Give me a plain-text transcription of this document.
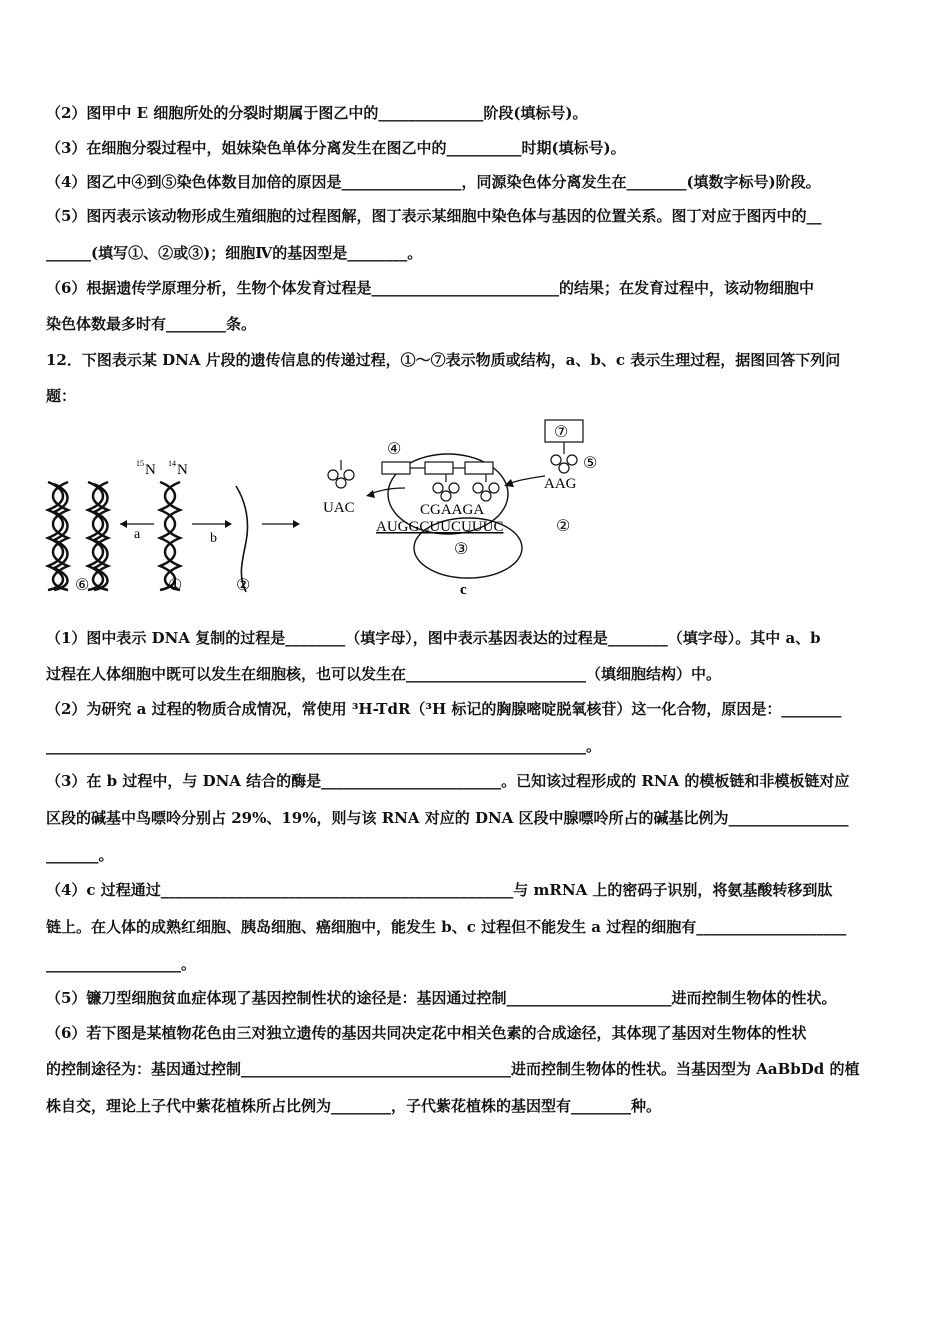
（2）图甲中 E 细胞所处的分裂时期属于图乙中的______________阶段(填标号)。
（3）在细胞分裂过程中，姐妹染色单体分离发生在图乙中的__________时期(填标号)。
（4）图乙中④到⑤染色体数目加倍的原因是________________，同源染色体分离发生在________(填数字标号)阶段。
（5）图丙表示该动物形成生殖细胞的过程图解，图丁表示某细胞中染色体与基因的位置关系。图丁对应于图丙中的__
______(填写①、②或③)；细胞Ⅳ的基因型是________。
（6）根据遗传学原理分析，生物个体发育过程是_________________________的结果；在发育过程中，该动物细胞中
染色体数最多时有________条。
12．下图表示某 DNA 片段的遗传信息的传递过程，①～⑦表示物质或结构，a、b、c 表示生理过程，据图回答下列问
题：
15 N 14 N
a	b
⑥	①	②
UAC
⑦
⑤
AAG
④
CGAAGA
AUGGCUUCUUUC	②
③
c
（1）图中表示 DNA 复制的过程是________（填字母），图中表示基因表达的过程是________（填字母）。其中 a、b
过程在人体细胞中既可以发生在细胞核，也可以发生在________________________（填细胞结构）中。
（2）为研究 a 过程的物质合成情况，常使用 ³H-TdR（³H 标记的胸腺嘧啶脱氧核苷）这一化合物，原因是：________
________________________________________________________________________。
（3）在 b 过程中，与 DNA 结合的酶是________________________。已知该过程形成的 RNA 的模板链和非模板链对应
区段的碱基中鸟嘌呤分别占 29%、19%，则与该 RNA 对应的 DNA 区段中腺嘌呤所占的碱基比例为________________
_______。
（4）c 过程通过_______________________________________________与 mRNA 上的密码子识别，将氨基酸转移到肽
链上。在人体的成熟红细胞、胰岛细胞、癌细胞中，能发生 b、c 过程但不能发生 a 过程的细胞有____________________
__________________。
（5）镰刀型细胞贫血症体现了基因控制性状的途径是：基因通过控制______________________进而控制生物体的性状。
（6）若下图是某植物花色由三对独立遗传的基因共同决定花中相关色素的合成途径，其体现了基因对生物体的性状
的控制途径为：基因通过控制____________________________________进而控制生物体的性状。当基因型为 AaBbDd 的植
株自交，理论上子代中紫花植株所占比例为________，子代紫花植株的基因型有________种。
